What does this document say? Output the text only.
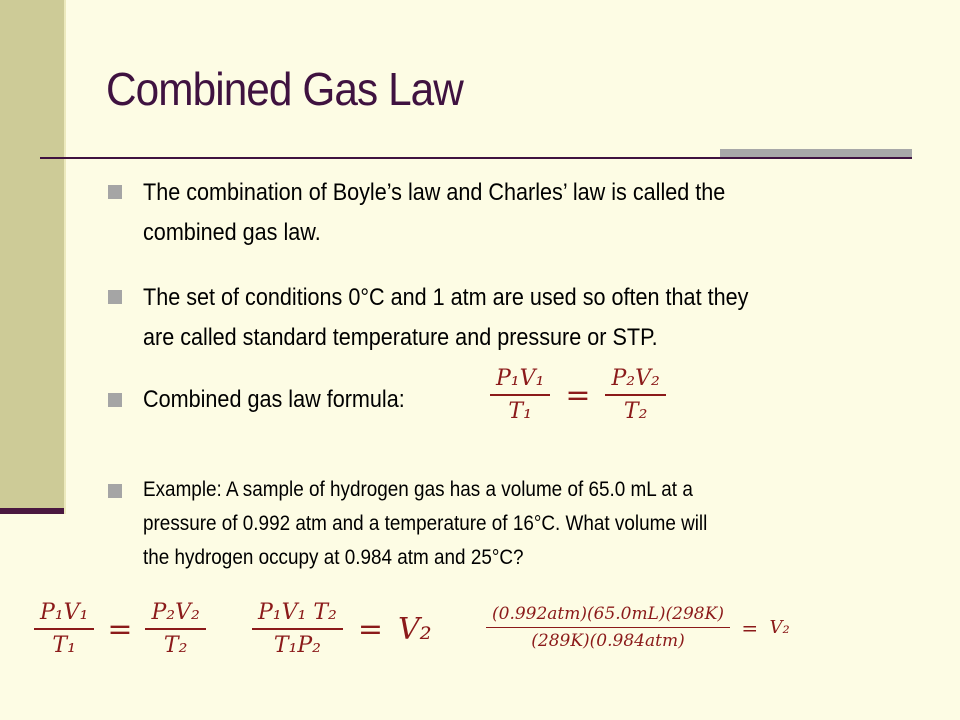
Combined Gas Law
The combination of Boyle’s law and Charles’ law is called the
combined gas law.
The set of conditions 0°C and 1 atm are used so often that they
are called standard temperature and pressure or STP.
Combined gas law formula:	$\frac{\text{P₁V₁}}{\text{T₁}} = \frac{\text{P₂V₂}}{\text{T₂}}$
Example: A sample of hydrogen gas has a volume of 65.0 mL at a
pressure of 0.992 atm and a temperature of 16°C. What volume will
the hydrogen occupy at 0.984 atm and 25°C?
$\frac{\text{P₁V₁}}{\text{T₁}} = \frac{\text{P₂V₂}}{\text{T₂}} \frac{\text{P₁V₁ T₂}}{\text{T₁P₂}} = V_2$	$\frac{\text{(0.992atm)(65.0mL)(298K)}}{\text{(289K)(0.984atm)}} = V_2$
